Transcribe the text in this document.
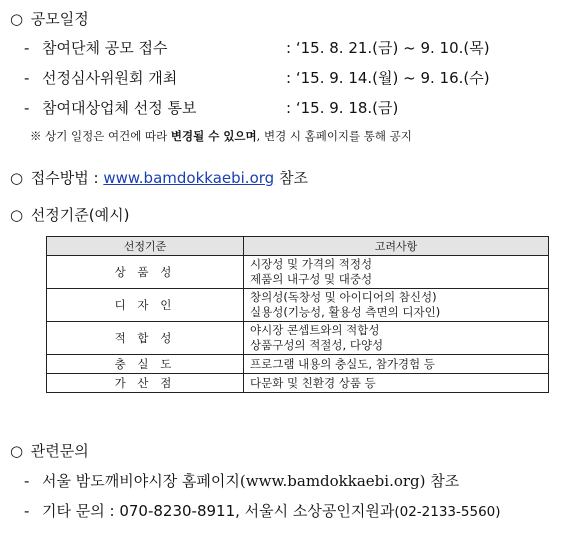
○ 공모일정
- 참여단체 공모 접수	: ‘15. 8. 21.(금) ~ 9. 10.(목)
- 선정심사위원회 개최	: ‘15. 9. 14.(월) ~ 9. 16.(수)
- 참여대상업체 선정 통보	: ‘15. 9. 18.(금)
※ 상기 일정은 여건에 따라 변경될 수 있으며, 변경 시 홈페이지를 통해 공지
○ 접수방법 : www.bamdokkaebi.org 참조
○ 선정기준(예시)
선정기준	고려사항
상 품 성	시장성 및 가격의 적정성
제품의 내구성 및 대중성

디 자 인	창의성(독창성 및 아이디어의 참신성)
실용성(기능성, 활용성 측면의 디자인)

적 합 성	야시장 콘셉트와의 적합성
상품구성의 적절성, 다양성

충 실 도	프로그램 내용의 충실도, 참가경험 등

가 산 점	다문화 및 친환경 상품 등
○ 관련문의
- 서울 밤도깨비야시장 홈페이지(www.bamdokkaebi.org) 참조
- 기타 문의 : 070-8230-8911, 서울시 소상공인지원과(02-2133-5560)
